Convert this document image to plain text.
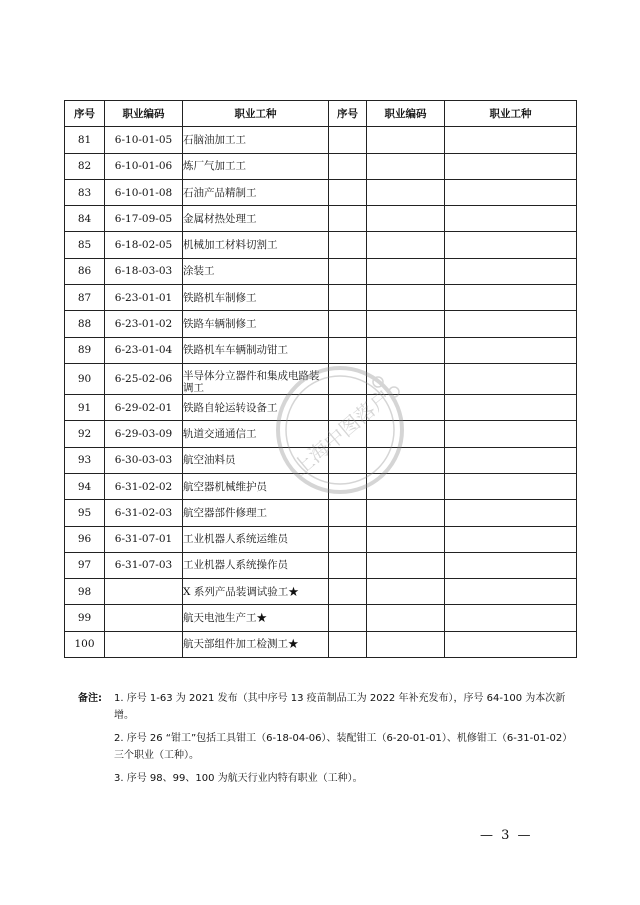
序号	职业编码	职业工种	序号	职业编码	职业工种
81	6-10-01-05	石脑油加工工			
82	6-10-01-06	炼厂气加工工			
83	6-10-01-08	石油产品精制工			
84	6-17-09-05	金属材热处理工			
85	6-18-02-05	机械加工材料切割工			
86	6-18-03-03	涂装工			
87	6-23-01-01	铁路机车制修工			
88	6-23-01-02	铁路车辆制修工			
89	6-23-01-04	铁路机车车辆制动钳工			
90	6-25-02-06	半导体分立器件和集成电路装调工			
91	6-29-02-01	铁路自轮运转设备工			
92	6-29-03-09	轨道交通通信工			
93	6-30-03-03	航空油料员			
94	6-31-02-02	航空器机械维护员			
95	6-31-02-03	航空器部件修理工			
96	6-31-07-01	工业机器人系统运维员			
97	6-31-07-03	工业机器人系统操作员			
98		X 系列产品装调试验工★			
99		航天电池生产工★			
100		航天部组件加工检测工★			
上海中图落户
备注: 1. 序号 1-63 为 2021 发布（其中序号 13 疫苗制品工为 2022 年补充发布），序号 64-100 为本次新增。
2. 序号 26 “钳工”包括工具钳工（6-18-04-06）、装配钳工（6-20-01-01）、机修钳工（6-31-01-02）三个职业（工种）。
3. 序号 98、99、100 为航天行业内特有职业（工种）。
— 3 —
